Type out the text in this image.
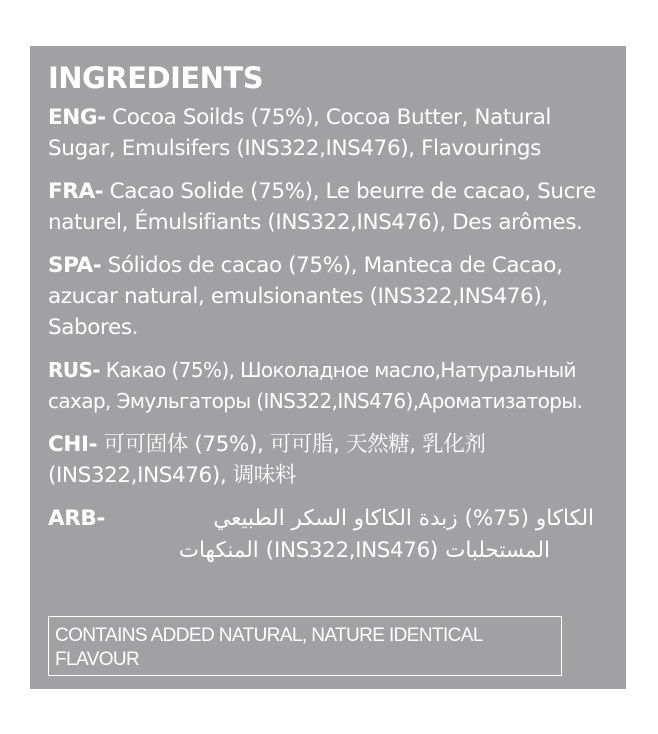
INGREDIENTS
ENG- Cocoa Soilds (75%), Cocoa Butter, Natural Sugar, Emulsifers (INS322,INS476), Flavourings
FRA- Cacao Solide (75%), Le beurre de cacao, Sucre naturel, Émulsifiants (INS322,INS476), Des arômes.
SPA- Sólidos de cacao (75%), Manteca de Cacao, azucar natural, emulsionantes (INS322,INS476), Sabores.
RUS- Какао (75%), Шоколадное масло,Натуральный сахар, Эмульгаторы (INS322,INS476),Ароматизаторы.
CHI- 可可固体 (75%), 可可脂, 天然糖, 乳化剂 (INS322,INS476), 调味料
ARB-	الكاكاو (75%) زبدة الكاكاو السكر الطبيعي
المستحلبات (INS322,INS476) المنكهات
CONTAINS ADDED NATURAL, NATURE IDENTICAL FLAVOUR
